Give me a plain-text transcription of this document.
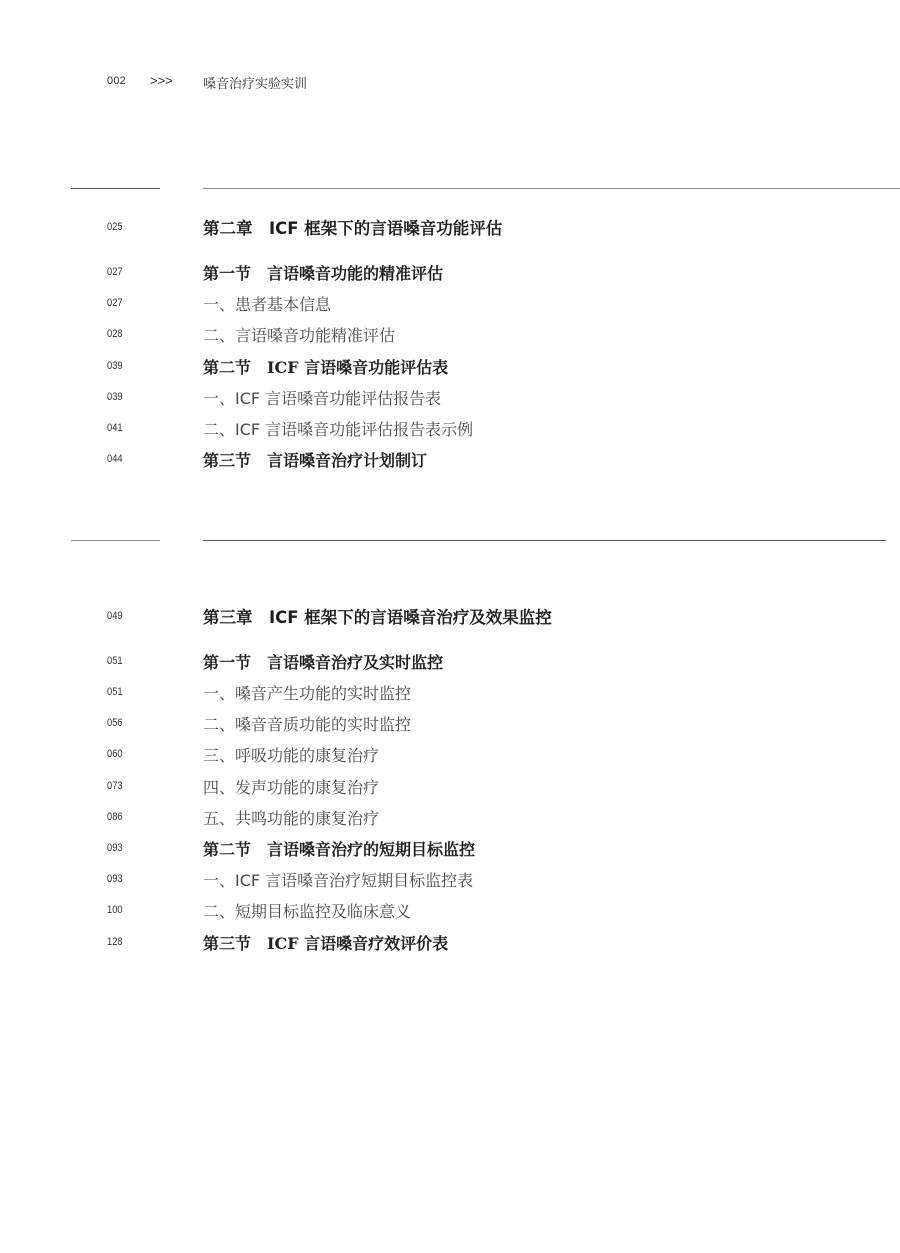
002 >>> 嗓音治疗实验实训
025	第二章　ICF 框架下的言语嗓音功能评估
027	第一节　言语嗓音功能的精准评估
027	一、患者基本信息
028	二、言语嗓音功能精准评估
039	第二节　ICF 言语嗓音功能评估表
039	一、ICF 言语嗓音功能评估报告表
041	二、ICF 言语嗓音功能评估报告表示例
044	第三节　言语嗓音治疗计划制订
049	第三章　ICF 框架下的言语嗓音治疗及效果监控
051	第一节　言语嗓音治疗及实时监控
051	一、嗓音产生功能的实时监控
056	二、嗓音音质功能的实时监控
060	三、呼吸功能的康复治疗
073	四、发声功能的康复治疗
086	五、共鸣功能的康复治疗
093	第二节　言语嗓音治疗的短期目标监控
093	一、ICF 言语嗓音治疗短期目标监控表
100	二、短期目标监控及临床意义
128	第三节　ICF 言语嗓音疗效评价表
